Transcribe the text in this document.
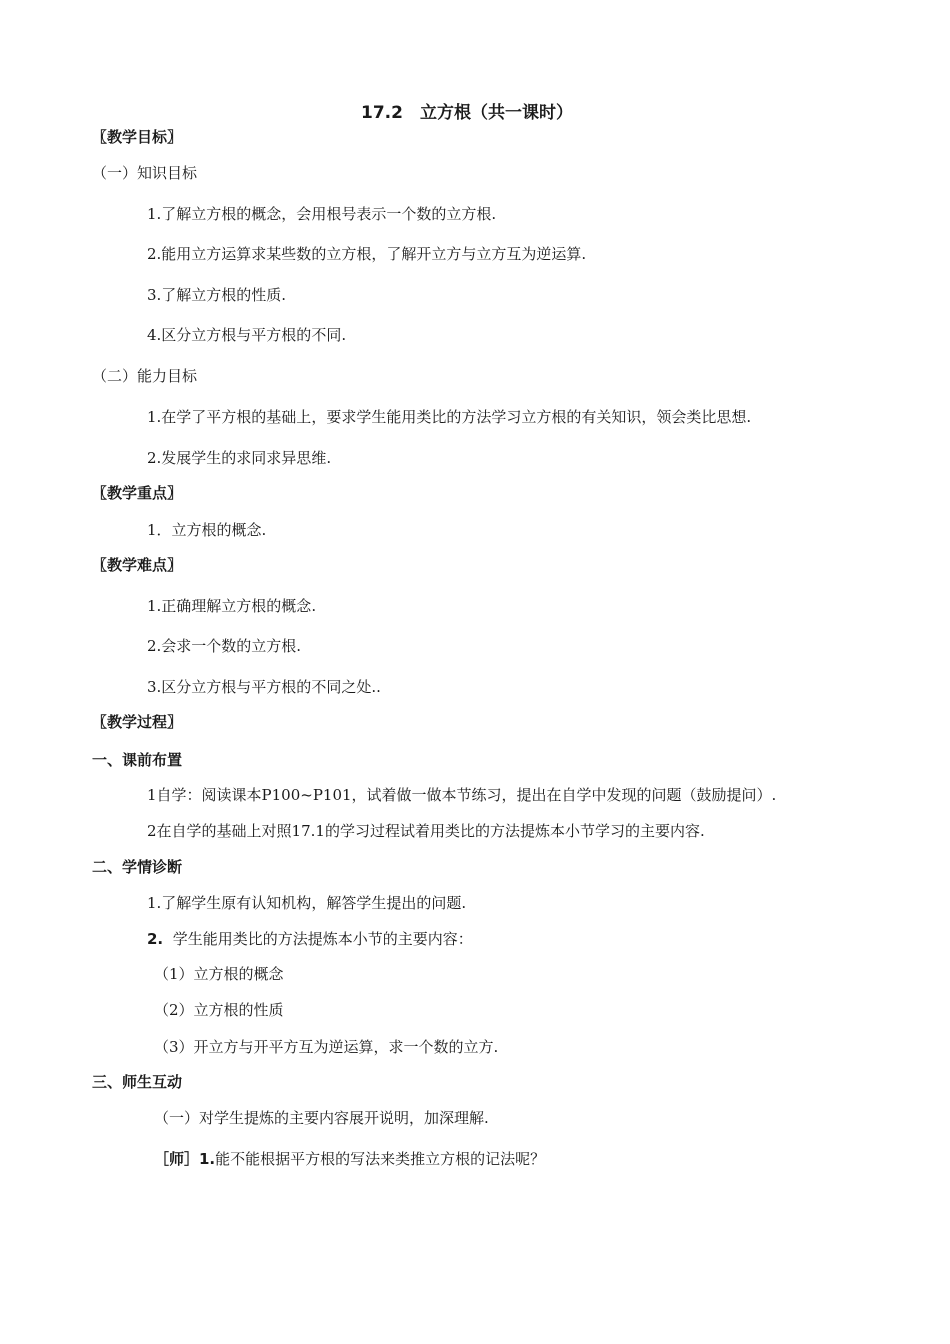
17.2　立方根（共一课时）
〖教学目标〗
（一）知识目标
1.了解立方根的概念，会用根号表示一个数的立方根.
2.能用立方运算求某些数的立方根，了解开立方与立方互为逆运算.
3.了解立方根的性质.
4.区分立方根与平方根的不同.
（二）能力目标
1.在学了平方根的基础上，要求学生能用类比的方法学习立方根的有关知识，领会类比思想.
2.发展学生的求同求异思维.
〖教学重点〗
1．立方根的概念.
〖教学难点〗
1.正确理解立方根的概念.
2.会求一个数的立方根.
3.区分立方根与平方根的不同之处..
〖教学过程〗
一、课前布置
1自学：阅读课本P100~P101，试着做一做本节练习，提出在自学中发现的问题（鼓励提问）.
2在自学的基础上对照17.1的学习过程试着用类比的方法提炼本小节学习的主要内容.
二、学情诊断
1.了解学生原有认知机构，解答学生提出的问题.
2. 学生能用类比的方法提炼本小节的主要内容：
（1）立方根的概念
（2）立方根的性质
（3）开立方与开平方互为逆运算，求一个数的立方.
三、师生互动
（一）对学生提炼的主要内容展开说明，加深理解.
［师］1.能不能根据平方根的写法来类推立方根的记法呢？
